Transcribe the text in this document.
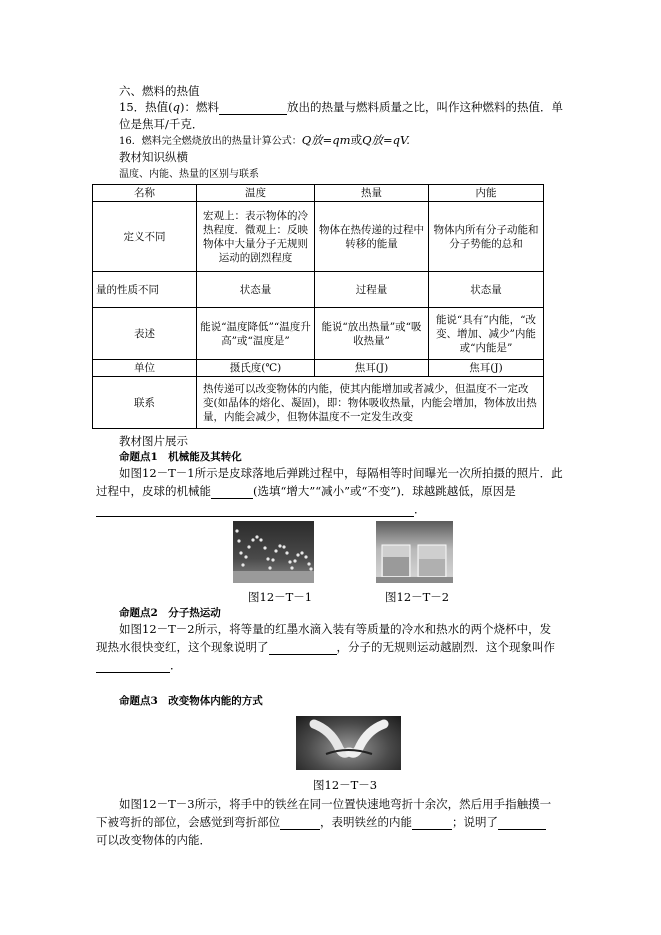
六、燃料的热值
15．热值(q)：燃料	放出的热量与燃料质量之比，叫作这种燃料的热值．单
位是焦耳/千克．
16．燃料完全燃烧放出的热量计算公式：Q放=qm或Q放=qV.
教材知识纵横
温度、内能、热量的区别与联系
名称	温度	热量	内能
定义不同	宏观上：表示物体的冷热程度．微观上：反映物体中大量分子无规则运动的剧烈程度	物体在热传递的过程中转移的能量	物体内所有分子动能和分子势能的总和
量的性质不同	状态量	过程量	状态量
表述	能说“温度降低”“温度升高”或“温度是”	能说“放出热量”或“吸收热量”	能说“具有”内能，“改变、增加、减少”内能或“内能是”
单位	摄氏度(℃)	焦耳(J)	焦耳(J)
联系	热传递可以改变物体的内能，使其内能增加或者减少，但温度不一定改变(如晶体的熔化、凝固)，即：物体吸收热量，内能会增加，物体放出热量，内能会减少，但物体温度不一定发生改变		
教材图片展示
命题点1　机械能及其转化
如图12－T－1所示是皮球落地后弹跳过程中，每隔相等时间曝光一次所拍摄的照片．此
过程中，皮球的机械能	(选填“增大”“减小”或“不变”)．球越跳越低，原因是
．
图12－T－1	图12－T－2
命题点2　分子热运动
如图12－T－2所示，将等量的红墨水滴入装有等质量的冷水和热水的两个烧杯中，发
现热水很快变红，这个现象说明了	，分子的无规则运动越剧烈．这个现象叫作
．
命题点3　改变物体内能的方式
图12－T－3
如图12－T－3所示，将手中的铁丝在同一位置快速地弯折十余次，然后用手指触摸一
下被弯折的部位，会感觉到弯折部位	，表明铁丝的内能	；说明了
可以改变物体的内能．
